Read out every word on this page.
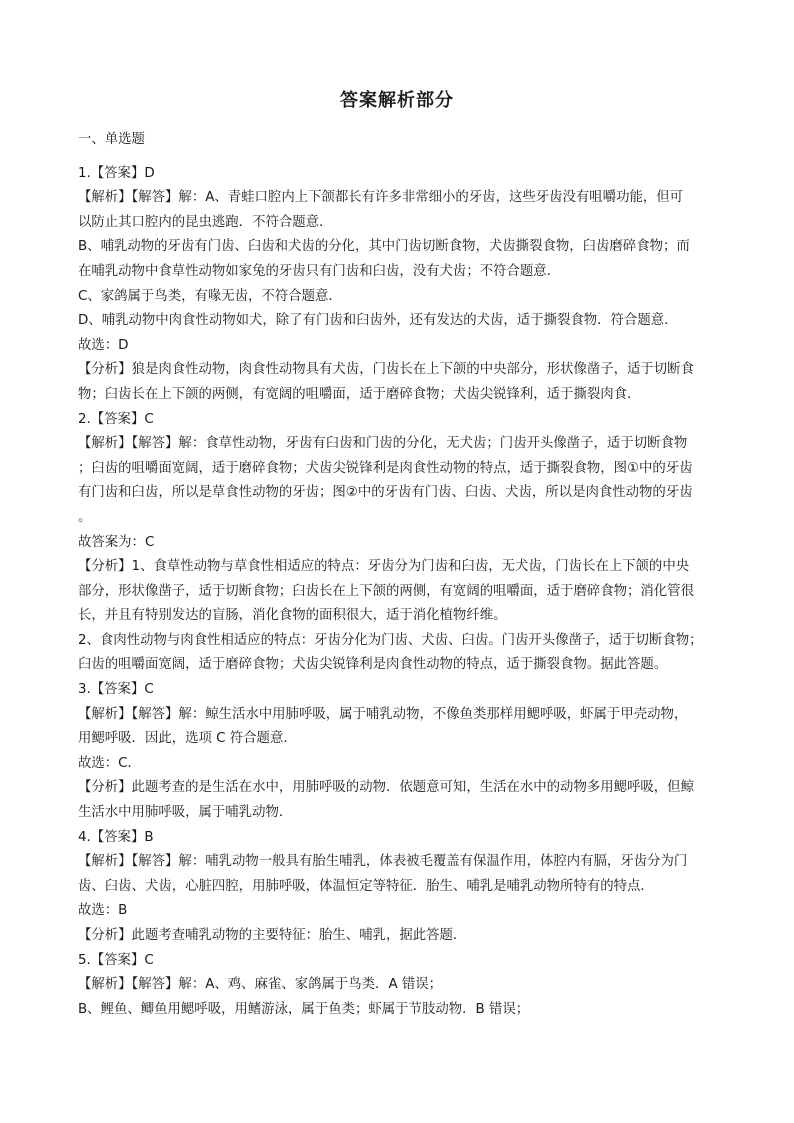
答案解析部分
一、单选题
1.【答案】D
【解析】【解答】解：A、青蛙口腔内上下颌都长有许多非常细小的牙齿，这些牙齿没有咀嚼功能，但可
以防止其口腔内的昆虫逃跑．不符合题意．
B、哺乳动物的牙齿有门齿、臼齿和犬齿的分化，其中门齿切断食物，犬齿撕裂食物，臼齿磨碎食物；而
在哺乳动物中食草性动物如家兔的牙齿只有门齿和臼齿，没有犬齿；不符合题意．
C、家鸽属于鸟类，有喙无齿，不符合题意．
D、哺乳动物中肉食性动物如犬，除了有门齿和臼齿外，还有发达的犬齿，适于撕裂食物．符合题意．
故选：D
【分析】狼是肉食性动物，肉食性动物具有犬齿，门齿长在上下颌的中央部分，形状像凿子，适于切断食
物；臼齿长在上下颌的两侧，有宽阔的咀嚼面，适于磨碎食物；犬齿尖锐锋利，适于撕裂肉食．
2.【答案】C
【解析】【解答】解：食草性动物，牙齿有臼齿和门齿的分化，无犬齿；门齿开头像凿子，适于切断食物
；臼齿的咀嚼面宽阔，适于磨碎食物；犬齿尖锐锋利是肉食性动物的特点，适于撕裂食物，图①中的牙齿
有门齿和臼齿，所以是草食性动物的牙齿；图②中的牙齿有门齿、臼齿、犬齿，所以是肉食性动物的牙齿
。
故答案为：C
【分析】1、食草性动物与草食性相适应的特点：牙齿分为门齿和臼齿，无犬齿，门齿长在上下颌的中央
部分，形状像凿子，适于切断食物；臼齿长在上下颌的两侧，有宽阔的咀嚼面，适于磨碎食物；消化管很
长，并且有特别发达的盲肠，消化食物的面积很大，适于消化植物纤维。
2、食肉性动物与肉食性相适应的特点：牙齿分化为门齿、犬齿、臼齿。门齿开头像凿子，适于切断食物；
臼齿的咀嚼面宽阔，适于磨碎食物；犬齿尖锐锋利是肉食性动物的特点，适于撕裂食物。据此答题。
3.【答案】C
【解析】【解答】解：鲸生活水中用肺呼吸，属于哺乳动物，不像鱼类那样用鳃呼吸，虾属于甲壳动物，
用鳃呼吸．因此，选项 C 符合题意．
故选：C．
【分析】此题考查的是生活在水中，用肺呼吸的动物．依题意可知，生活在水中的动物多用鳃呼吸，但鲸
生活水中用肺呼吸，属于哺乳动物．
4.【答案】B
【解析】【解答】解：哺乳动物一般具有胎生哺乳，体表被毛覆盖有保温作用，体腔内有膈，牙齿分为门
齿、臼齿、犬齿，心脏四腔，用肺呼吸，体温恒定等特征．胎生、哺乳是哺乳动物所特有的特点．
故选：B
【分析】此题考查哺乳动物的主要特征：胎生、哺乳，据此答题．
5.【答案】C
【解析】【解答】解：A、鸡、麻雀、家鸽属于鸟类．A 错误；
B、鲤鱼、鲫鱼用鳃呼吸，用鳍游泳，属于鱼类；虾属于节肢动物．B 错误；
